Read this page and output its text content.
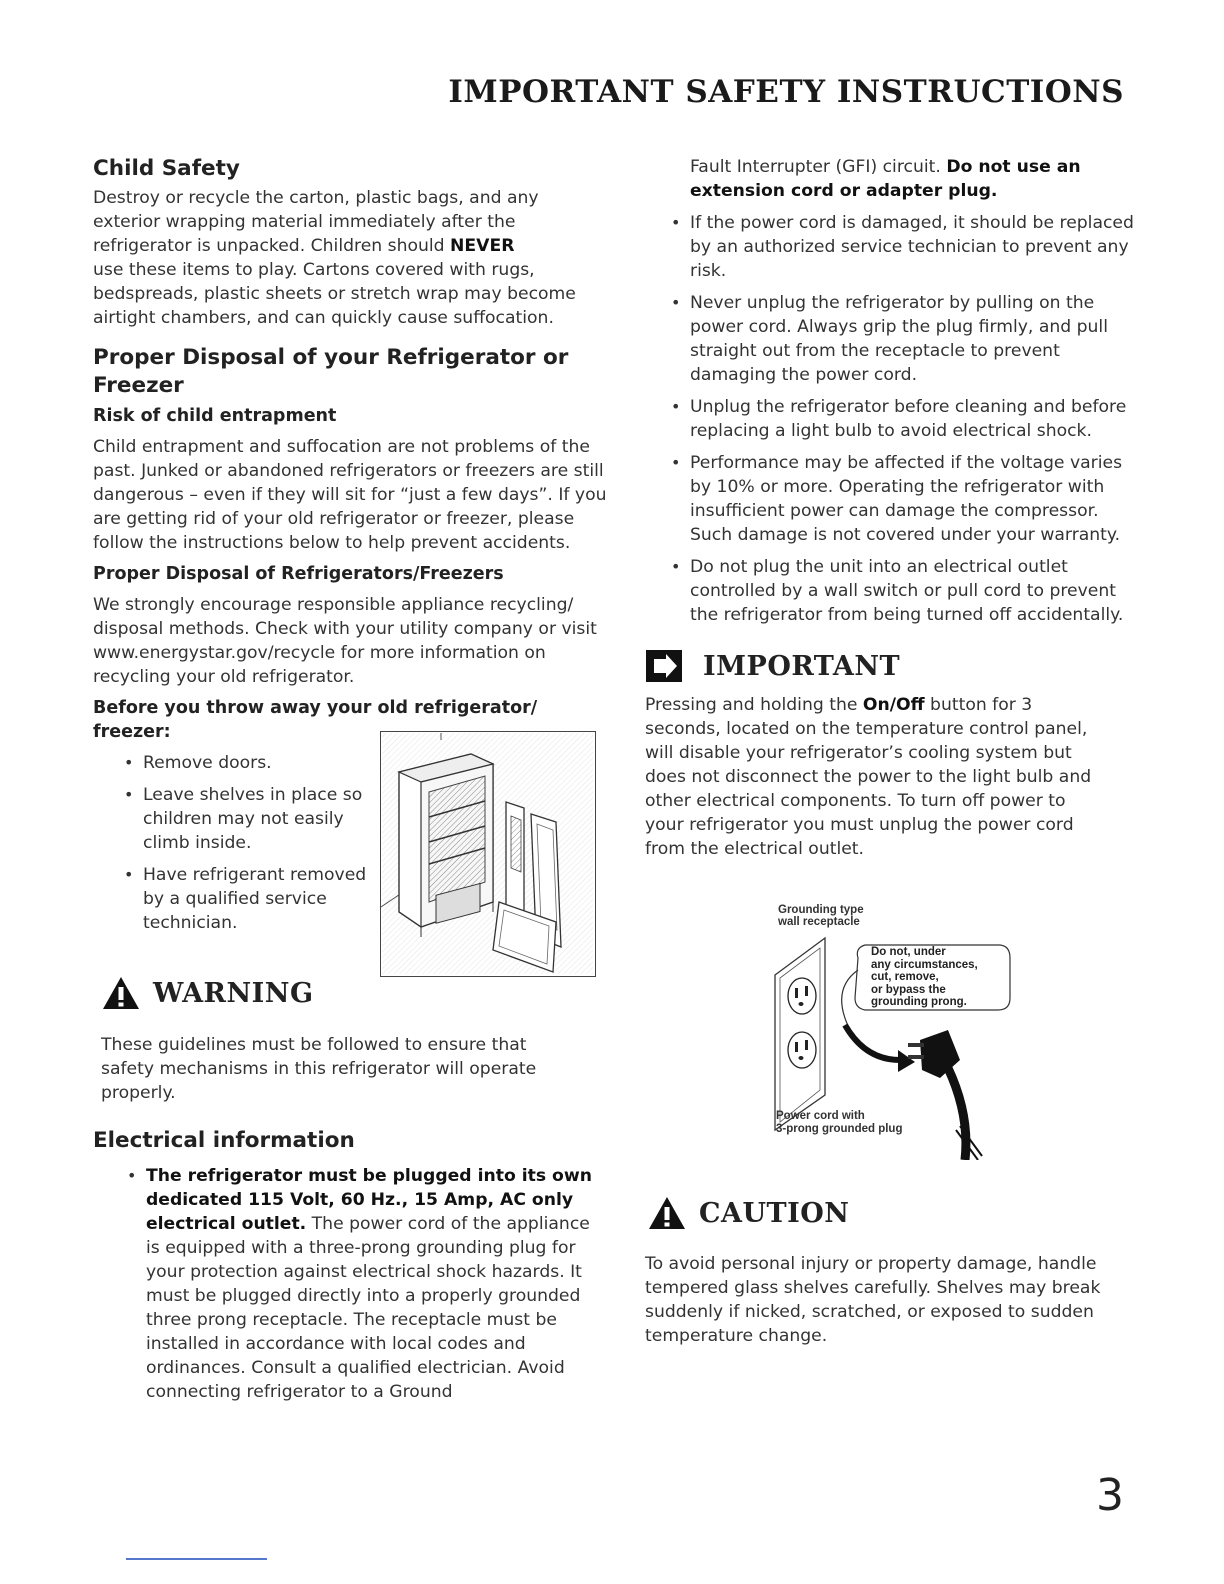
IMPORTANT SAFETY INSTRUCTIONS
Child Safety

Destroy or recycle the carton, plastic bags, and any exterior wrapping material immediately after the refrigerator is unpacked. Children should NEVER
use these items to play. Cartons covered with rugs, bedspreads, plastic sheets or stretch wrap may become airtight chambers, and can quickly cause suffocation.

Proper Disposal of your Refrigerator or Freezer
Risk of child entrapment

Child entrapment and suffocation are not problems of the past. Junked or abandoned refrigerators or freezers are still dangerous – even if they will sit for “just a few days”. If you are getting rid of your old refrigerator or freezer, please follow the instructions below to help prevent accidents.

Proper Disposal of Refrigerators/Freezers

We strongly encourage responsible appliance recycling/ disposal methods. Check with your utility company or visit www.energystar.gov/recycle for more information on recycling your old refrigerator.

Before you throw away your old refrigerator/ freezer:
• Remove doors.
• Leave shelves in place so children may not easily climb inside.
• Have refrigerant removed by a qualified service technician.
WARNING

These guidelines must be followed to ensure that safety mechanisms in this refrigerator will operate properly.

Electrical information
• The refrigerator must be plugged into its own dedicated 115 Volt, 60 Hz., 15 Amp, AC only electrical outlet. The power cord of the appliance is equipped with a three-prong grounding plug for your protection against electrical shock hazards. It must be plugged directly into a properly grounded three prong receptacle. The receptacle must be installed in accordance with local codes and ordinances. Consult a qualified electrician. Avoid connecting refrigerator to a Ground

Fault Interrupter (GFI) circuit. Do not use an extension cord or adapter plug.

• If the power cord is damaged, it should be replaced by an authorized service technician to prevent any risk.
• Never unplug the refrigerator by pulling on the power cord. Always grip the plug firmly, and pull straight out from the receptacle to prevent damaging the power cord.
• Unplug the refrigerator before cleaning and before replacing a light bulb to avoid electrical shock.
• Performance may be affected if the voltage varies by 10% or more. Operating the refrigerator with insufficient power can damage the compressor. Such damage is not covered under your warranty.
• Do not plug the unit into an electrical outlet controlled by a wall switch or pull cord to prevent the refrigerator from being turned off accidentally.
IMPORTANT

Pressing and holding the On/Off button for 3 seconds, located on the temperature control panel, will disable your refrigerator’s cooling system but does not disconnect the power to the light bulb and other electrical components. To turn off power to your refrigerator you must unplug the power cord from the electrical outlet.

Grounding type
wall receptacle
Do not, under
any circumstances,
cut, remove,
or bypass the
grounding prong.
Power cord with
3-prong grounded plug
CAUTION

To avoid personal injury or property damage, handle tempered glass shelves carefully. Shelves may break suddenly if nicked, scratched, or exposed to sudden temperature change.

3
